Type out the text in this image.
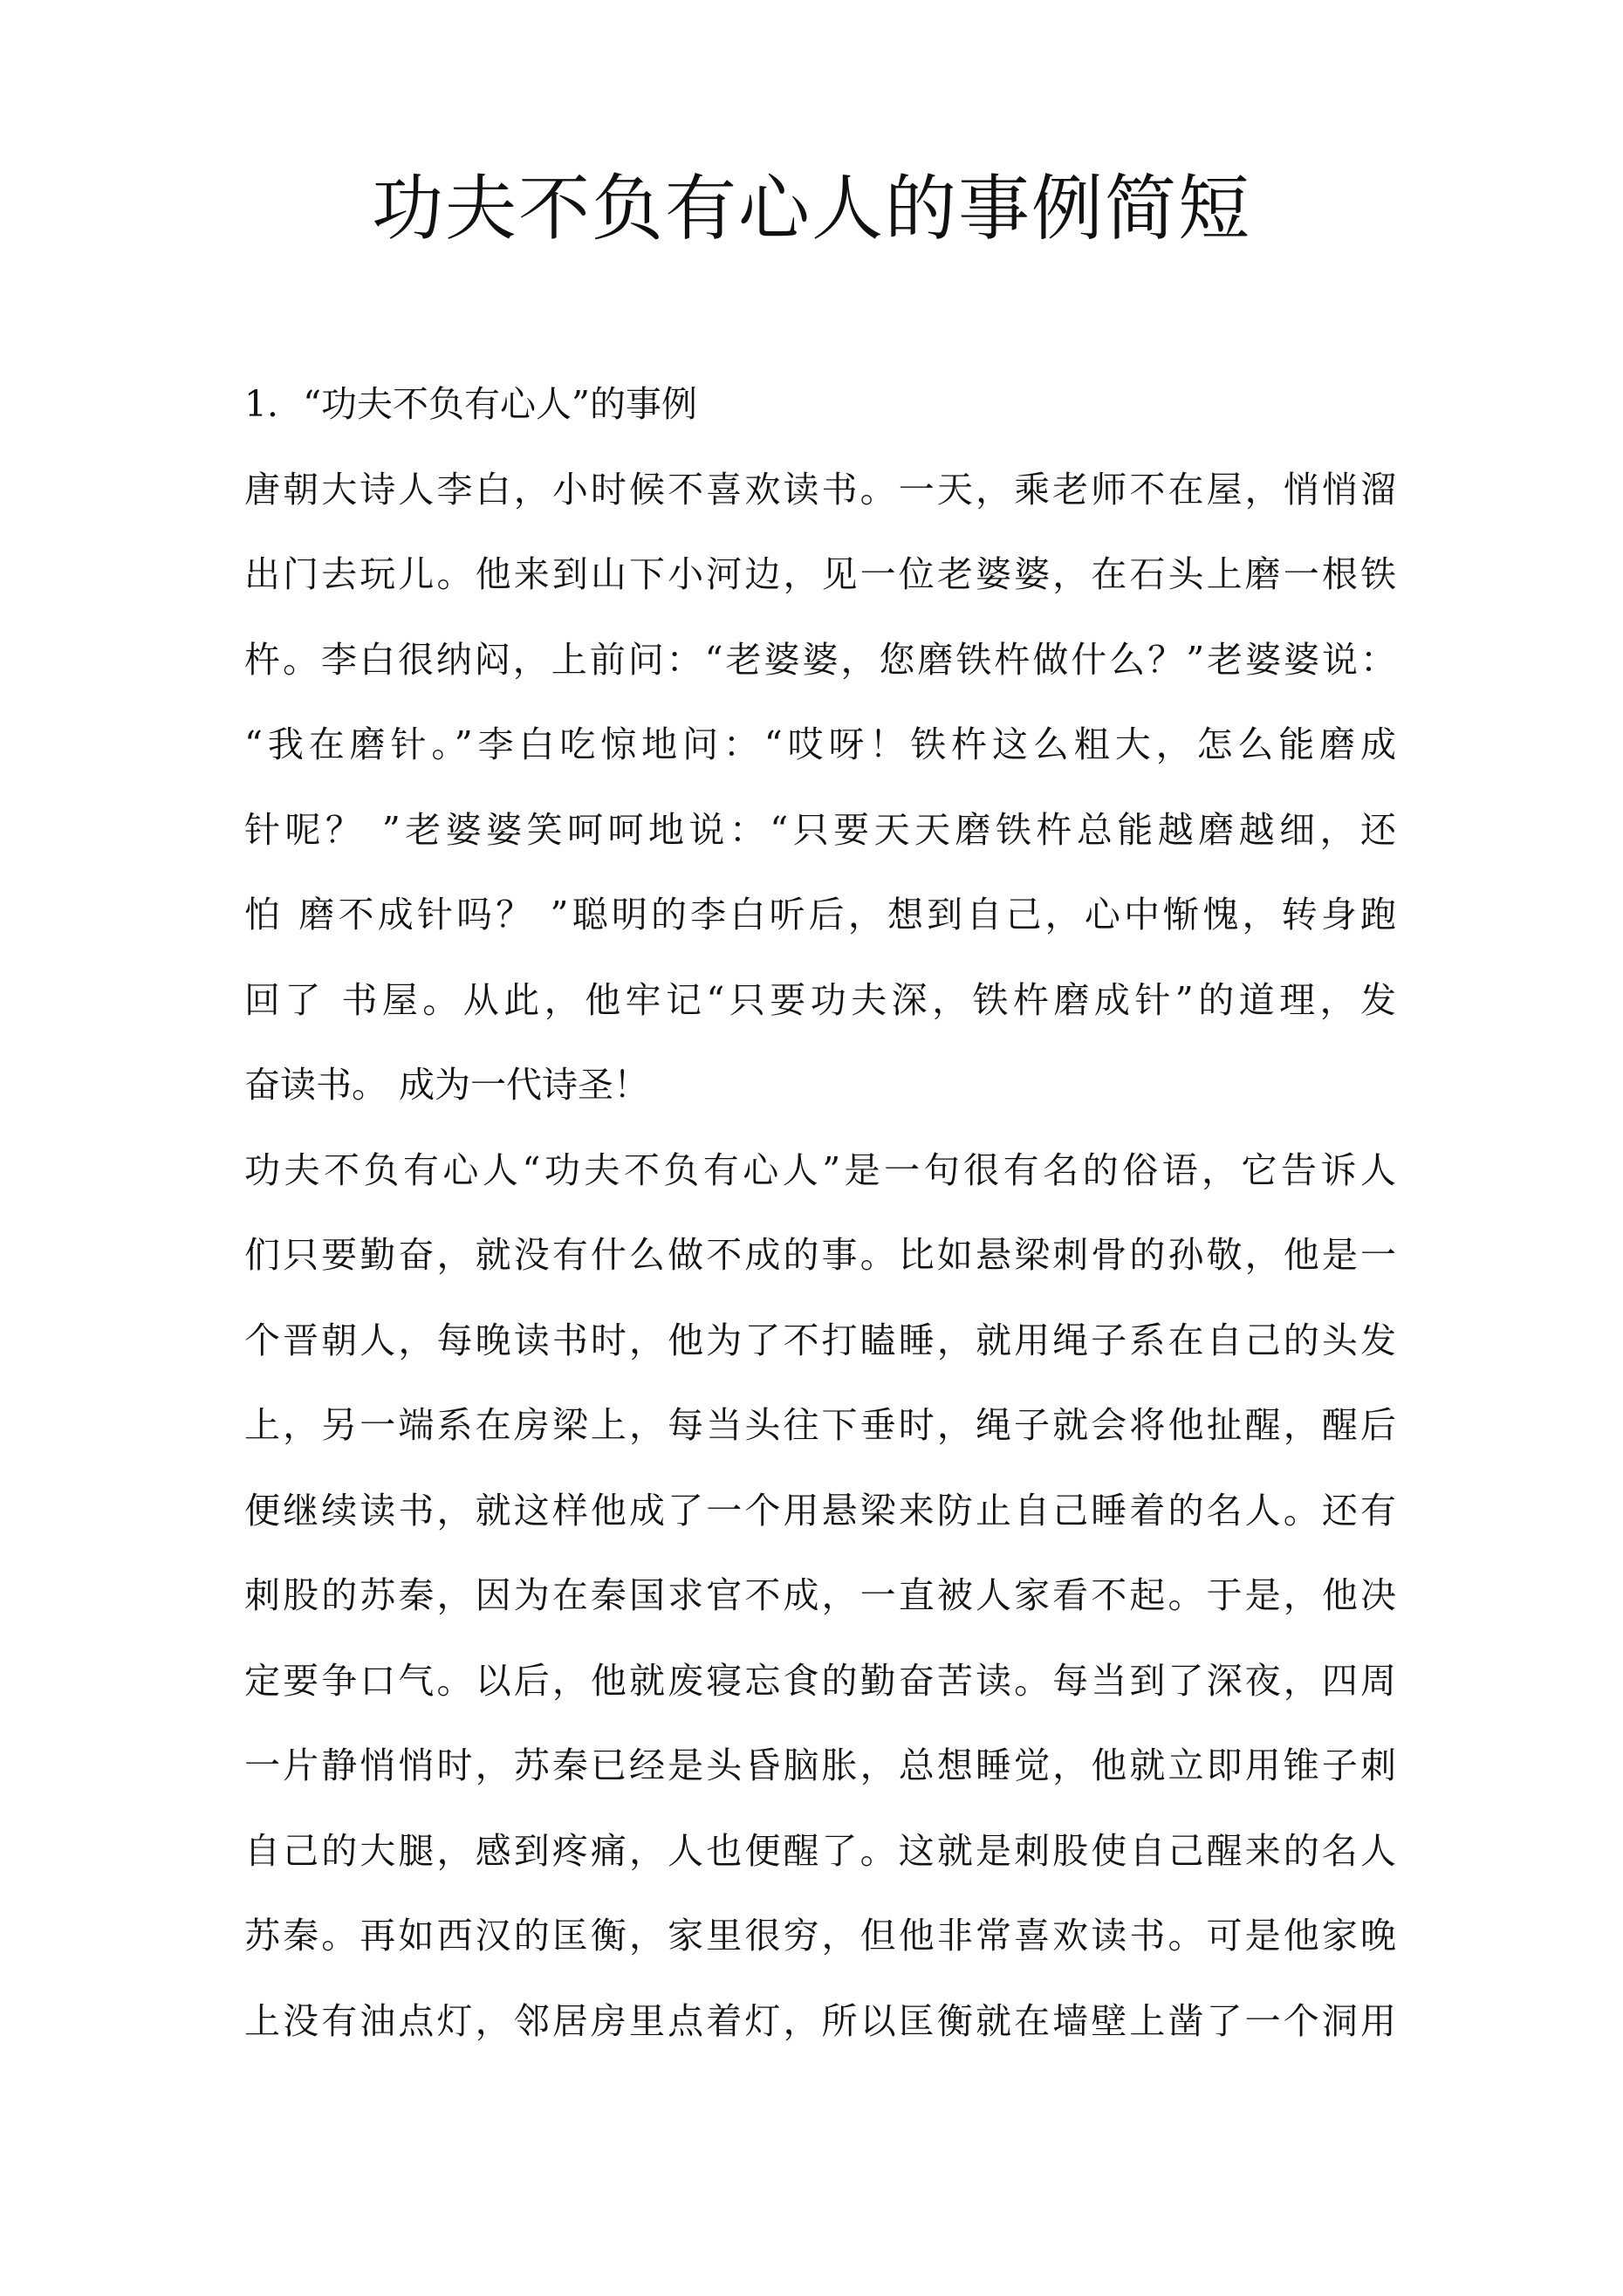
功夫不负有心人的事例简短
1．“功夫不负有心人”的事例
唐朝大诗人李白，小时候不喜欢读书。一天，乘老师不在屋，悄悄溜
出门去玩儿。他来到山下小河边，见一位老婆婆，在石头上磨一根铁
杵。李白很纳闷，上前问：“老婆婆，您磨铁杵做什么？”老婆婆说：
“我在磨针。”李白吃惊地问：“哎呀！铁杵这么粗大，怎么能磨成
针呢？ ”老婆婆笑呵呵地说：“只要天天磨铁杵总能越磨越细，还
怕 磨不成针吗？ ”聪明的李白听后，想到自己，心中惭愧，转身跑
回了 书屋。从此，他牢记“只要功夫深，铁杵磨成针”的道理，发
奋读书。 成为一代诗圣！
功夫不负有心人“功夫不负有心人”是一句很有名的俗语，它告诉人
们只要勤奋，就没有什么做不成的事。比如悬梁刺骨的孙敬，他是一
个晋朝人，每晚读书时，他为了不打瞌睡，就用绳子系在自己的头发
上，另一端系在房梁上，每当头往下垂时，绳子就会将他扯醒，醒后
便继续读书，就这样他成了一个用悬梁来防止自己睡着的名人。还有
刺股的苏秦，因为在秦国求官不成，一直被人家看不起。于是，他决
定要争口气。以后，他就废寝忘食的勤奋苦读。每当到了深夜，四周
一片静悄悄时，苏秦已经是头昏脑胀，总想睡觉，他就立即用锥子刺
自己的大腿，感到疼痛，人也便醒了。这就是刺股使自己醒来的名人
苏秦。再如西汉的匡衡，家里很穷，但他非常喜欢读书。可是他家晚
上没有油点灯，邻居房里点着灯，所以匡衡就在墙壁上凿了一个洞用
